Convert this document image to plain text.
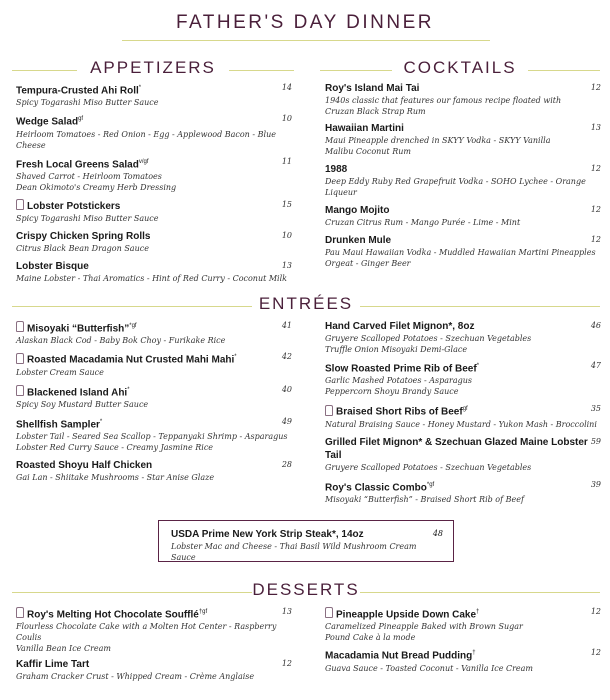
FATHER'S DAY DINNER
APPETIZERS	COCKTAILS
Tempura-Crusted Ahi Roll*
Spicy Togarashi Miso Butter Sauce
14
Wedge Salad$^{gf}$
Heirloom Tomatoes - Red Onion - Egg - Applewood Bacon - Blue Cheese
10
Fresh Local Greens Salad$^{v/gf}$
Shaved Carrot - Heirloom Tomatoes
Dean Okimoto's Creamy Herb Dressing
11
Lobster Potstickers
Spicy Togarashi Miso Butter Sauce
15
Crispy Chicken Spring Rolls
Citrus Black Bean Dragon Sauce
10
Lobster Bisque
Maine Lobster - Thai Aromatics - Hint of Red Curry - Coconut Milk
13
Roy's Island Mai Tai
1940s classic that features our famous recipe floated with
Cruzan Black Strap Rum
12
Hawaiian Martini
Maui Pineapple drenched in SKYY Vodka - SKYY Vanilla
Malibu Coconut Rum
13
1988
Deep Eddy Ruby Red Grapefruit Vodka - SOHO Lychee - Orange Liqueur
12
Mango Mojito
Cruzan Citrus Rum - Mango Purée - Lime - Mint
12
Drunken Mule
Pau Maui Hawaiian Vodka - Muddled Hawaiian Martini Pineapples
Orgeat - Ginger Beer
12
ENTRÉES
Misoyaki “Butterfish”$^{*gf}$
Alaskan Black Cod - Baby Bok Choy - Furikake Rice
41
Roasted Macadamia Nut Crusted Mahi Mahi*
Lobster Cream Sauce
42
Blackened Island Ahi*
Spicy Soy Mustard Butter Sauce
40
Shellfish Sampler*
Lobster Tail - Seared Sea Scallop - Teppanyaki Shrimp - Asparagus
Lobster Red Curry Sauce - Creamy Jasmine Rice
49
Roasted Shoyu Half Chicken
Gai Lan - Shiitake Mushrooms - Star Anise Glaze
28
Hand Carved Filet Mignon*, 8oz
Gruyere Scalloped Potatoes - Szechuan Vegetables
Truffle Onion Misoyaki Demi-Glace
46
Slow Roasted Prime Rib of Beef*
Garlic Mashed Potatoes - Asparagus
Peppercorn Shoyu Brandy Sauce
47
Braised Short Ribs of Beef$^{gf}$
Natural Braising Sauce - Honey Mustard - Yukon Mash - Broccolini
35
Grilled Filet Mignon* & Szechuan Glazed Maine Lobster Tail
Gruyere Scalloped Potatoes - Szechuan Vegetables
59
Roy's Classic Combo$^{*gf}$
Misoyaki “Butterfish” - Braised Short Rib of Beef
39
USDA Prime New York Strip Steak*, 14oz
Lobster Mac and Cheese - Thai Basil Wild Mushroom Cream Sauce
48
DESSERTS
Roy's Melting Hot Chocolate Soufflé$^{\dagger gf}$
Flourless Chocolate Cake with a Molten Hot Center - Raspberry Coulis
Vanilla Bean Ice Cream
13
Kaffir Lime Tart
Graham Cracker Crust - Whipped Cream - Crème Anglaise
12
Pineapple Upside Down Cake†
Caramelized Pineapple Baked with Brown Sugar
Pound Cake à la mode
12
Macadamia Nut Bread Pudding†
Guava Sauce - Toasted Coconut - Vanilla Ice Cream
12
